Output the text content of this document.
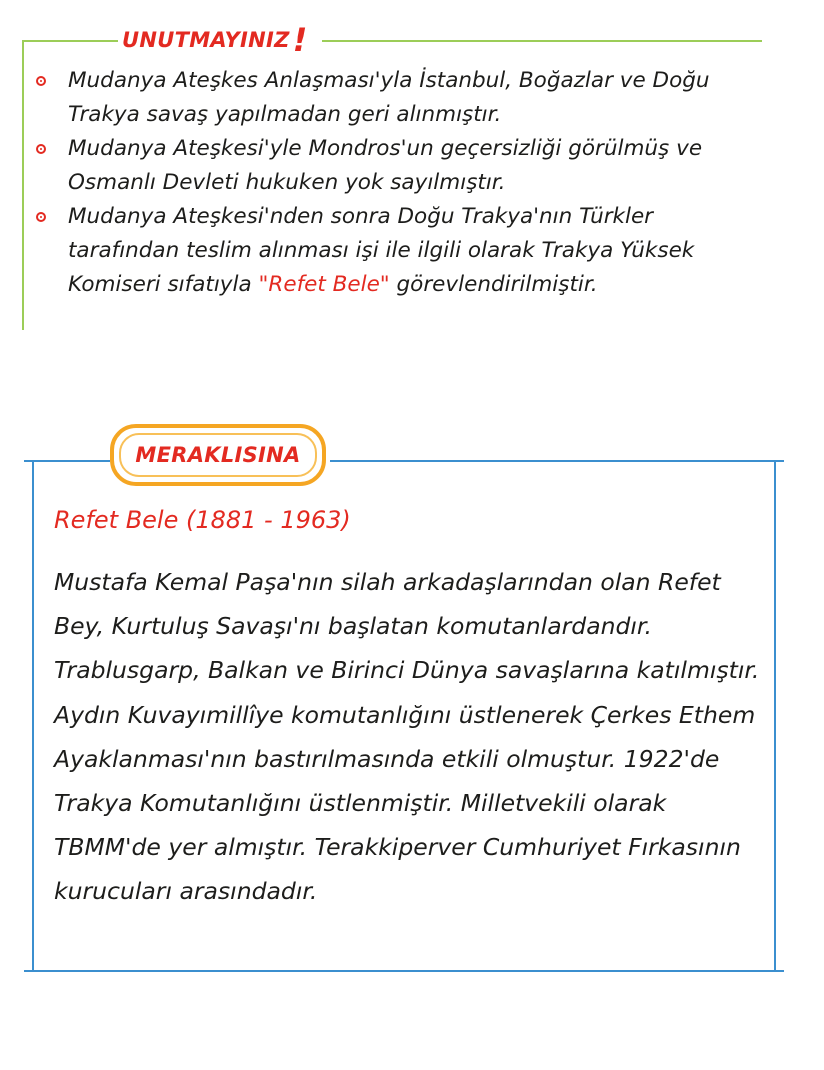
UNUTMAYINIZ !
Mudanya Ateşkes Anlaşması'yla İstanbul, Boğazlar ve Doğu Trakya savaş yapılmadan geri alınmıştır.
Mudanya Ateşkesi'yle Mondros'un geçersizliği görülmüş ve Osmanlı Devleti hukuken yok sayılmıştır.
Mudanya Ateşkesi'nden sonra Doğu Trakya'nın Türkler tarafından teslim alınması işi ile ilgili olarak Trakya Yüksek Komiseri sıfatıyla "Refet Bele" görevlendirilmiştir.
MERAKLISINA
Refet Bele (1881 - 1963)

Mustafa Kemal Paşa'nın silah arkadaşlarından olan Refet Bey, Kurtuluş Savaşı'nı başlatan komutanlardandır. Trablusgarp, Balkan ve Birinci Dünya savaşlarına katılmıştır. Aydın Kuvayımillîye komutanlığını üstlenerek Çerkes Ethem Ayaklanması'nın bastırılmasında etkili olmuştur. 1922'de Trakya Komutanlığını üstlenmiştir. Milletvekili olarak TBMM'de yer almıştır. Terakkiperver Cumhuriyet Fırkasının kurucuları arasındadır.
